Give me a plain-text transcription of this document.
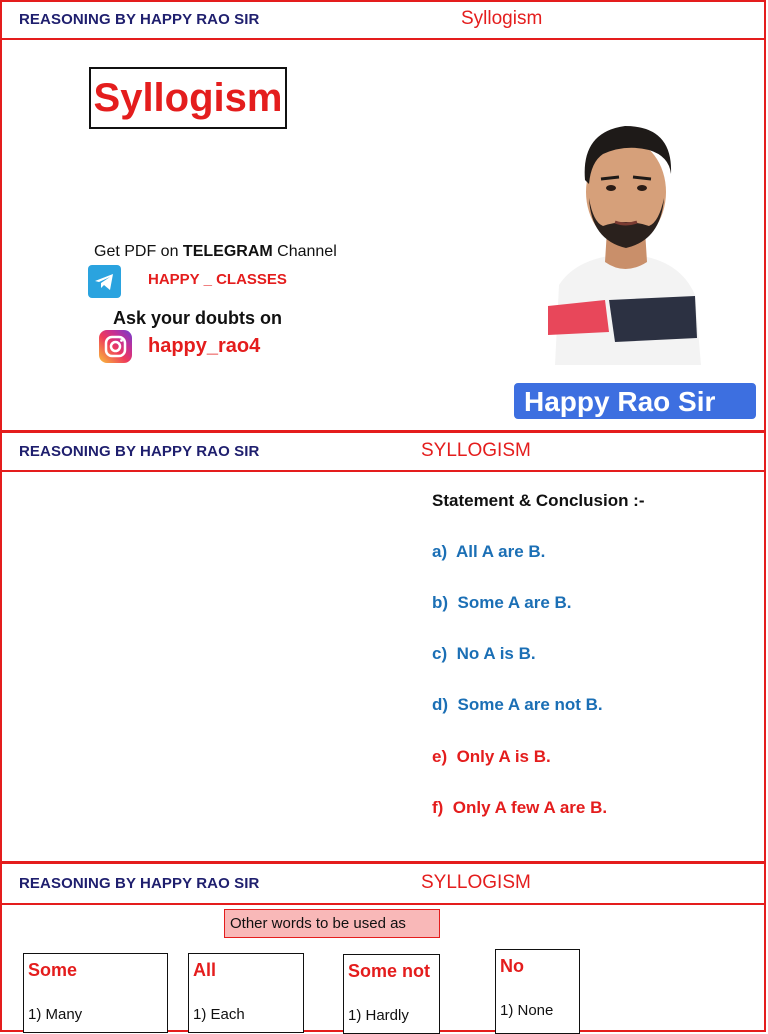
REASONING BY HAPPY RAO SIR	Syllogism
Syllogism
Get PDF on TELEGRAM Channel
HAPPY _ CLASSES
Ask your doubts on
happy_rao4
Happy Rao Sir
REASONING BY HAPPY RAO SIR	SYLLOGISM
Statement & Conclusion :-
a) All A are B.
b) Some A are B.
c) No A is B.
d) Some A are not B.
e) Only A is B.
f) Only A few A are B.
REASONING BY HAPPY RAO SIR	SYLLOGISM
Other words to be used as
Some
1) Many
All
1) Each
Some not
1) Hardly
No
1) None
